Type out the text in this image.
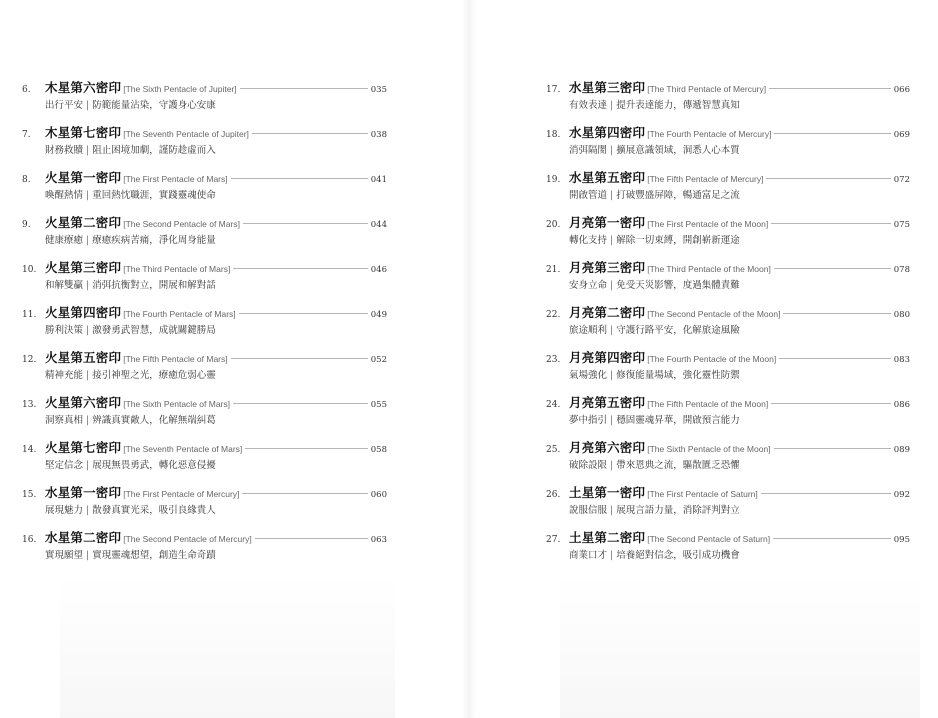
6.	木星第六密印 [The Sixth Pentacle of Jupiter]	035
出行平安 | 防範能量沾染，守護身心安康
7.	木星第七密印 [The Seventh Pentacle of Jupiter]	038
財務救贖 | 阻止困境加劇，謹防趁虛而入
8.	火星第一密印 [The First Pentacle of Mars]	041
喚醒熱情 | 重回熱忱職涯，實踐靈魂使命
9.	火星第二密印 [The Second Pentacle of Mars]	044
健康療癒 | 療癒疾病苦痛，淨化周身能量
10. 火星第三密印 [The Third Pentacle of Mars]	046
和解雙贏 | 消弭抗衡對立，開展和解對話
11. 火星第四密印 [The Fourth Pentacle of Mars]	049
勝利決策 | 激發勇武智慧，成就關鍵勝局
12. 火星第五密印 [The Fifth Pentacle of Mars]	052
精神充能 | 接引神聖之光，療癒危弱心靈
13. 火星第六密印 [The Sixth Pentacle of Mars]	055
洞察真相 | 辨識真實敵人，化解無端糾葛
14. 火星第七密印 [The Seventh Pentacle of Mars]	058
堅定信念 | 展現無畏勇武，轉化惡意侵擾
15. 水星第一密印 [The First Pentacle of Mercury]	060
展現魅力 | 散發真實光采，吸引良緣貴人
16. 水星第二密印 [The Second Pentacle of Mercury]	063
實現願望 | 實現靈魂想望，創造生命奇蹟
17. 水星第三密印 [The Third Pentacle of Mercury]	066
有效表達 | 提升表達能力，傳遞智慧真知
18. 水星第四密印 [The Fourth Pentacle of Mercury]	069
消弭隔閡 | 擴展意識領域，洞悉人心本質
19. 水星第五密印 [The Fifth Pentacle of Mercury]	072
開啟管道 | 打破豐盛屏障，暢通富足之流
20. 月亮第一密印 [The First Pentacle of the Moon]	075
轉化支持 | 解除一切束縛，開創嶄新運途
21. 月亮第三密印 [The Third Pentacle of the Moon]	078
安身立命 | 免受天災影響，度過集體責難
22. 月亮第二密印 [The Second Pentacle of the Moon]	080
旅途順利 | 守護行路平安，化解旅途風險
23. 月亮第四密印 [The Fourth Pentacle of the Moon]	083
氣場強化 | 修復能量場域，強化靈性防禦
24. 月亮第五密印 [The Fifth Pentacle of the Moon]	086
夢中指引 | 穩固靈魂昇華，開啟預言能力
25. 月亮第六密印 [The Sixth Pentacle of the Moon]	089
破除設限 | 帶來恩典之流，驅散匱乏恐懼
26. 土星第一密印 [The First Pentacle of Saturn]	092
說服信服 | 展現言語力量，消除評判對立
27. 土星第二密印 [The Second Pentacle of Saturn]	095
商業口才 | 培養絕對信念，吸引成功機會
